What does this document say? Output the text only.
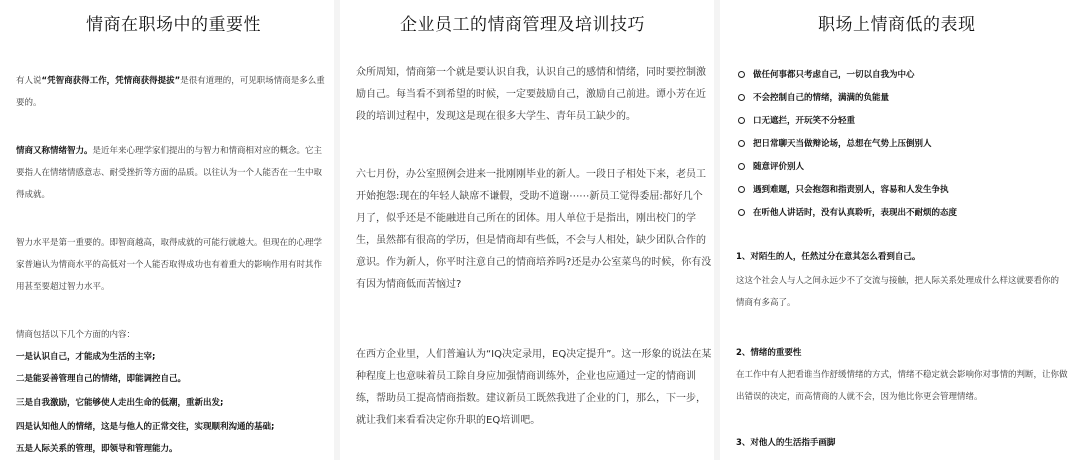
情商在职场中的重要性
有人说“凭智商获得工作，凭情商获得提拔”是很有道理的，可见职场情商是多么重要的。
情商又称情绪智力。是近年来心理学家们提出的与智力和情商相对应的概念。它主要指人在情绪情感意志、耐受挫折等方面的品质。以往认为一个人能否在一生中取得成就。
智力水平是第一重要的。即智商越高，取得成就的可能行就越大。但现在的心理学家普遍认为情商水平的高低对一个人能否取得成功也有着重大的影响作用有时其作用甚至要超过智力水平。
情商包括以下几个方面的内容：
一是认识自己，才能成为生活的主宰;
二是能妥善管理自己的情绪，即能调控自己。
三是自我激励，它能够使人走出生命的低潮，重新出发;
四是认知他人的情绪，这是与他人的正常交往，实现顺利沟通的基础;
五是人际关系的管理，即领导和管理能力。
企业员工的情商管理及培训技巧
众所周知，情商第一个就是要认识自我，认识自己的感情和情绪，同时要控制激励自己。每当看不到希望的时候，一定要鼓励自己，激励自己前进。谭小芳在近段的培训过程中，发现这是现在很多大学生、青年员工缺少的。
六七月份，办公室照例会进来一批刚刚毕业的新人。一段日子相处下来，老员工开始抱怨:现在的年轻人缺席不谦假，受助不道谢⋯⋯新员工觉得委屈:都好几个月了，似乎还是不能融进自己所在的团体。用人单位于是指出，刚出校门的学生，虽然都有很高的学历，但是情商却有些低，不会与人相处，缺少团队合作的意识。作为新人，你平时注意自己的情商培养吗?还是办公室菜鸟的时候，你有没有因为情商低而苦恼过?
在西方企业里，人们普遍认为“IQ决定录用，EQ决定提升”。这一形象的说法在某种程度上也意味着员工除自身应加强情商训练外，企业也应通过一定的情商训练，帮助员工提高情商指数。建议新员工既然我进了企业的门，那么，下一步，就让我们来看看决定你升职的EQ培训吧。
职场上情商低的表现
做任何事都只考虑自己，一切以自我为中心
不会控制自己的情绪，满满的负能量
口无遮拦，开玩笑不分轻重
把日常聊天当做辩论场，总想在气势上压倒别人
随意评价别人
遇到难题，只会抱怨和指责别人，容易和人发生争执
在听他人讲话时，没有认真聆听，表现出不耐烦的态度
1、对陌生的人，任然过分在意其怎么看到自己。
这这个社会人与人之间永远少不了交流与接触，把人际关系处理成什么样这就要看你的情商有多高了。
2、情绪的重要性
在工作中有人把看谁当作舒缓情绪的方式，情绪不稳定就会影响你对事情的判断，让你做出错误的决定，而高情商的人就不会，因为他比你更会管理情绪。
3、对他人的生活指手画脚
